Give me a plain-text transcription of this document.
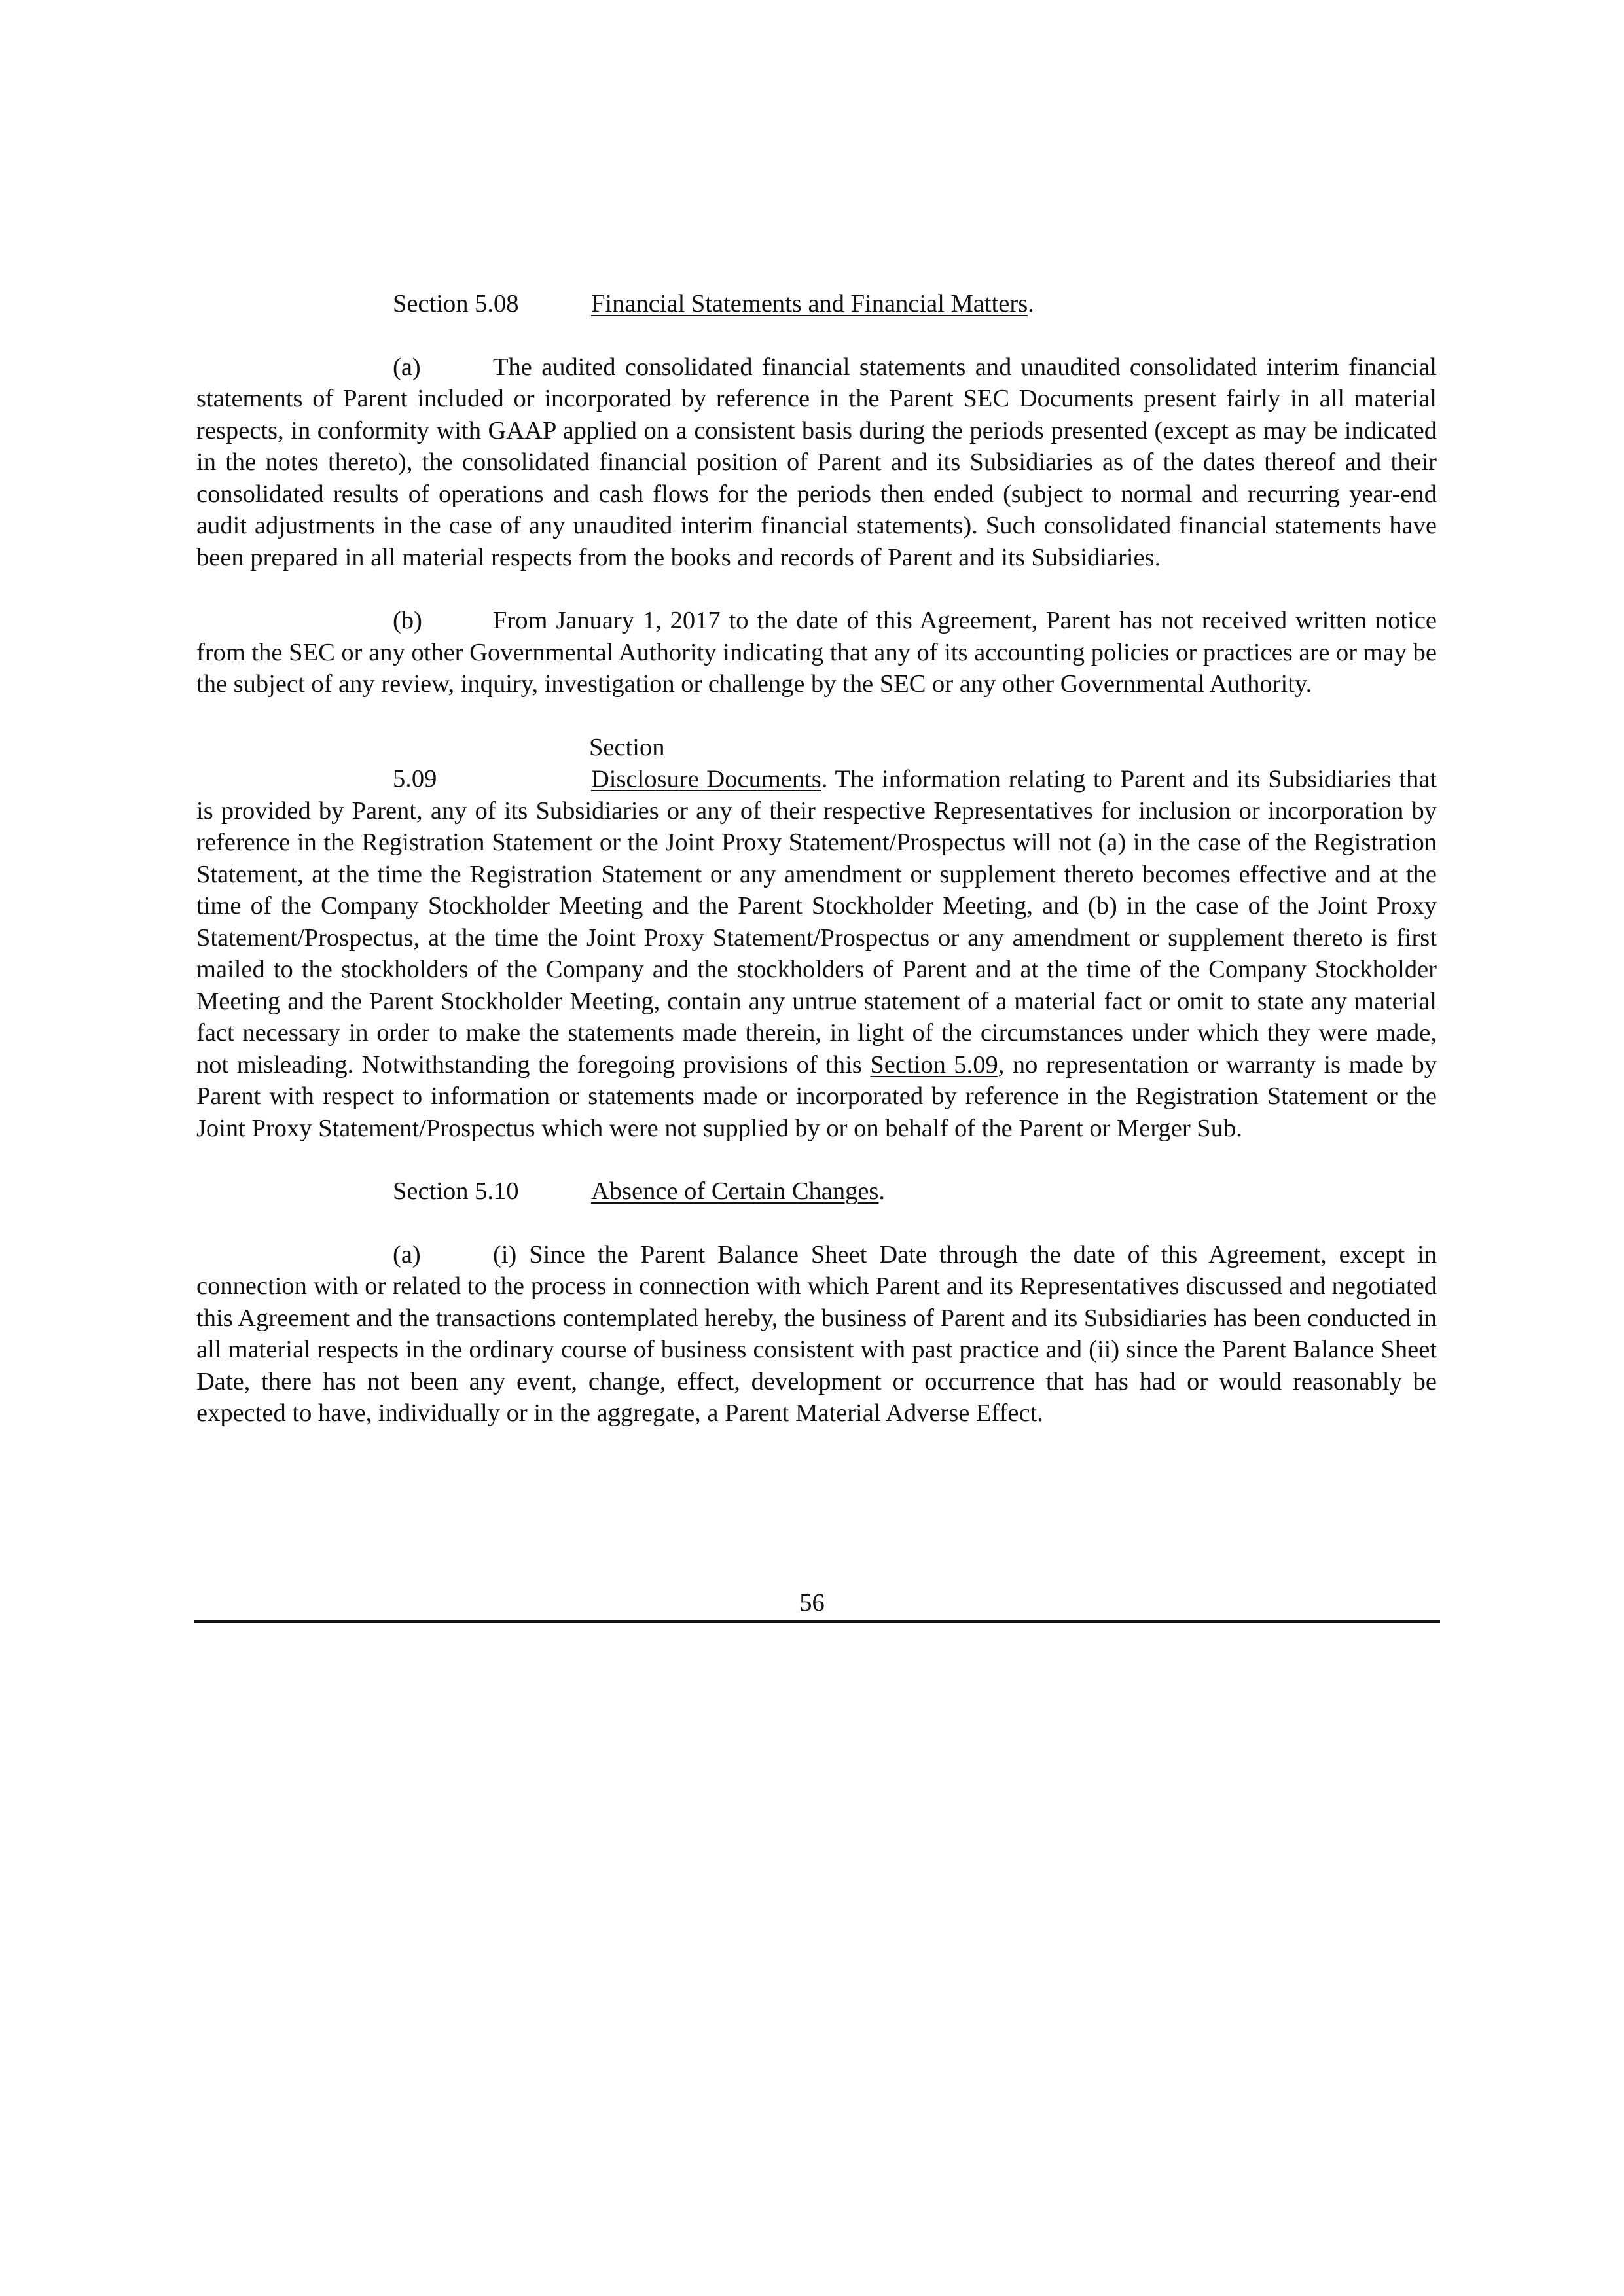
Section 5.08	Financial Statements and Financial Matters.
(a)	The audited consolidated financial statements and unaudited consolidated interim financial statements of Parent included or incorporated by reference in the Parent SEC Documents present fairly in all material respects, in conformity with GAAP applied on a consistent basis during the periods presented (except as may be indicated in the notes thereto), the consolidated financial position of Parent and its Subsidiaries as of the dates thereof and their consolidated results of operations and cash flows for the periods then ended (subject to normal and recurring year-end audit adjustments in the case of any unaudited interim financial statements). Such consolidated financial statements have been prepared in all material respects from the books and records of Parent and its Subsidiaries.
(b)	From January 1, 2017 to the date of this Agreement, Parent has not received written notice from the SEC or any other Governmental Authority indicating that any of its accounting policies or practices are or may be the subject of any review, inquiry, investigation or challenge by the SEC or any other Governmental Authority.
Section 5.09	Disclosure Documents. The information relating to Parent and its Subsidiaries that is provided by Parent, any of its Subsidiaries or any of their respective Representatives for inclusion or incorporation by reference in the Registration Statement or the Joint Proxy Statement/Prospectus will not (a) in the case of the Registration Statement, at the time the Registration Statement or any amendment or supplement thereto becomes effective and at the time of the Company Stockholder Meeting and the Parent Stockholder Meeting, and (b) in the case of the Joint Proxy Statement/Prospectus, at the time the Joint Proxy Statement/Prospectus or any amendment or supplement thereto is first mailed to the stockholders of the Company and the stockholders of Parent and at the time of the Company Stockholder Meeting and the Parent Stockholder Meeting, contain any untrue statement of a material fact or omit to state any material fact necessary in order to make the statements made therein, in light of the circumstances under which they were made, not misleading. Notwithstanding the foregoing provisions of this Section 5.09, no representation or warranty is made by Parent with respect to information or statements made or incorporated by reference in the Registration Statement or the Joint Proxy Statement/Prospectus which were not supplied by or on behalf of the Parent or Merger Sub.
Section 5.10	Absence of Certain Changes.
(a)	(i) Since the Parent Balance Sheet Date through the date of this Agreement, except in connection with or related to the process in connection with which Parent and its Representatives discussed and negotiated this Agreement and the transactions contemplated hereby, the business of Parent and its Subsidiaries has been conducted in all material respects in the ordinary course of business consistent with past practice and (ii) since the Parent Balance Sheet Date, there has not been any event, change, effect, development or occurrence that has had or would reasonably be expected to have, individually or in the aggregate, a Parent Material Adverse Effect.
56
